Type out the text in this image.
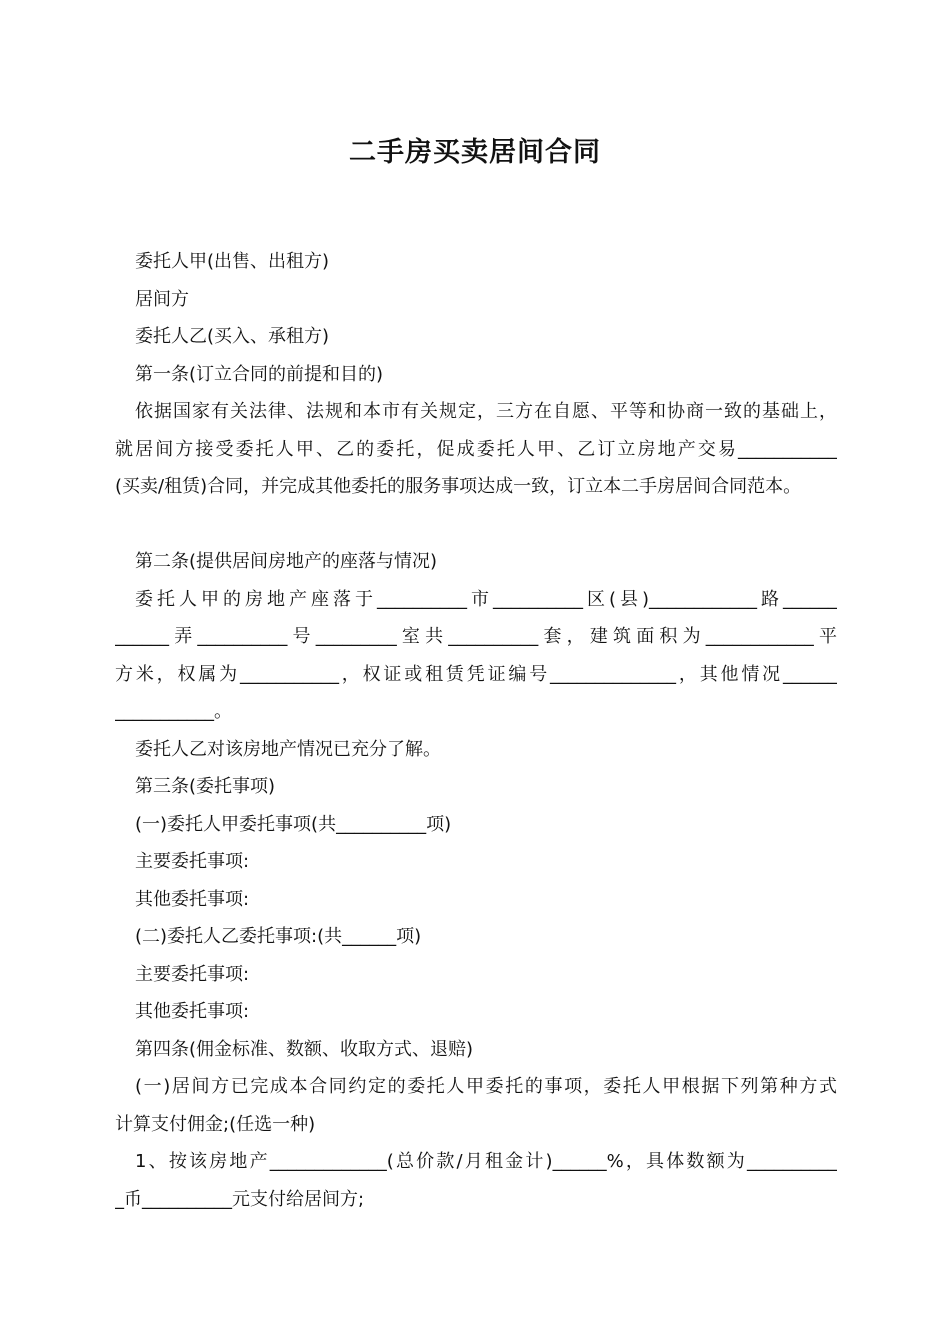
二手房买卖居间合同
委托人甲(出售、出租方)
居间方
委托人乙(买入、承租方)
第一条(订立合同的前提和目的)
依据国家有关法律、法规和本市有关规定，三方在自愿、平等和协商一致的基础上，
就居间方接受委托人甲、乙的委托，促成委托人甲、乙订立房地产交易___________
(买卖/租赁)合同，并完成其他委托的服务事项达成一致，订立本二手房居间合同范本。
第二条(提供居间房地产的座落与情况)
委托人甲的房地产座落于__________市__________区(县)____________路______
______弄__________号_________室共__________套，建筑面积为____________平
方米，权属为___________，权证或租赁凭证编号______________，其他情况______
___________。
委托人乙对该房地产情况已充分了解。
第三条(委托事项)
(一)委托人甲委托事项(共__________项)
主要委托事项:
其他委托事项:
(二)委托人乙委托事项:(共______项)
主要委托事项:
其他委托事项:
第四条(佣金标准、数额、收取方式、退赔)
(一)居间方已完成本合同约定的委托人甲委托的事项，委托人甲根据下列第种方式
计算支付佣金;(任选一种)
1、按该房地产_____________(总价款/月租金计)______%，具体数额为__________
_币__________元支付给居间方;
